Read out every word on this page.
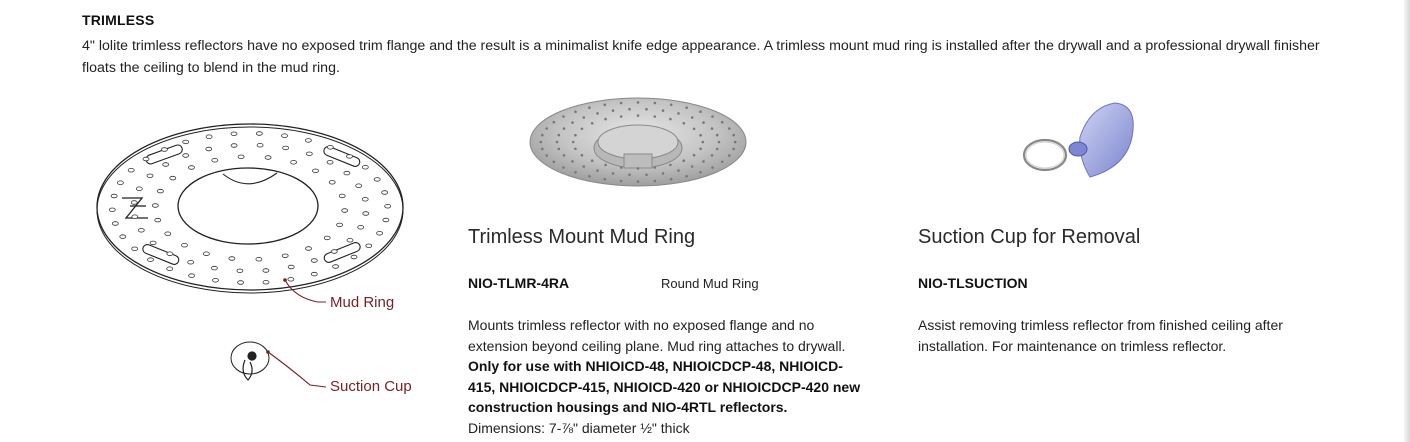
TRIMLESS
4" lolite trimless reflectors have no exposed trim flange and the result is a minimalist knife edge appearance. A trimless mount mud ring is installed after the drywall and a professional drywall finisher floats the ceiling to blend in the mud ring.
Mud Ring
Suction Cup
Trimless Mount Mud Ring
NIO-TLMR-4RA	Round Mud Ring
Mounts trimless reflector with no exposed flange and no extension beyond ceiling plane. Mud ring attaches to drywall. Only for use with NHIOICD-48, NHIOICDCP-48, NHIOICD-415, NHIOICDCP-415, NHIOICD-420 or NHIOICDCP-420 new construction housings and NIO-4RTL reflectors.
Dimensions: 7-⅞" diameter ½" thick
Suction Cup for Removal
NIO-TLSUCTION
Assist removing trimless reflector from finished ceiling after installation. For maintenance on trimless reflector.
